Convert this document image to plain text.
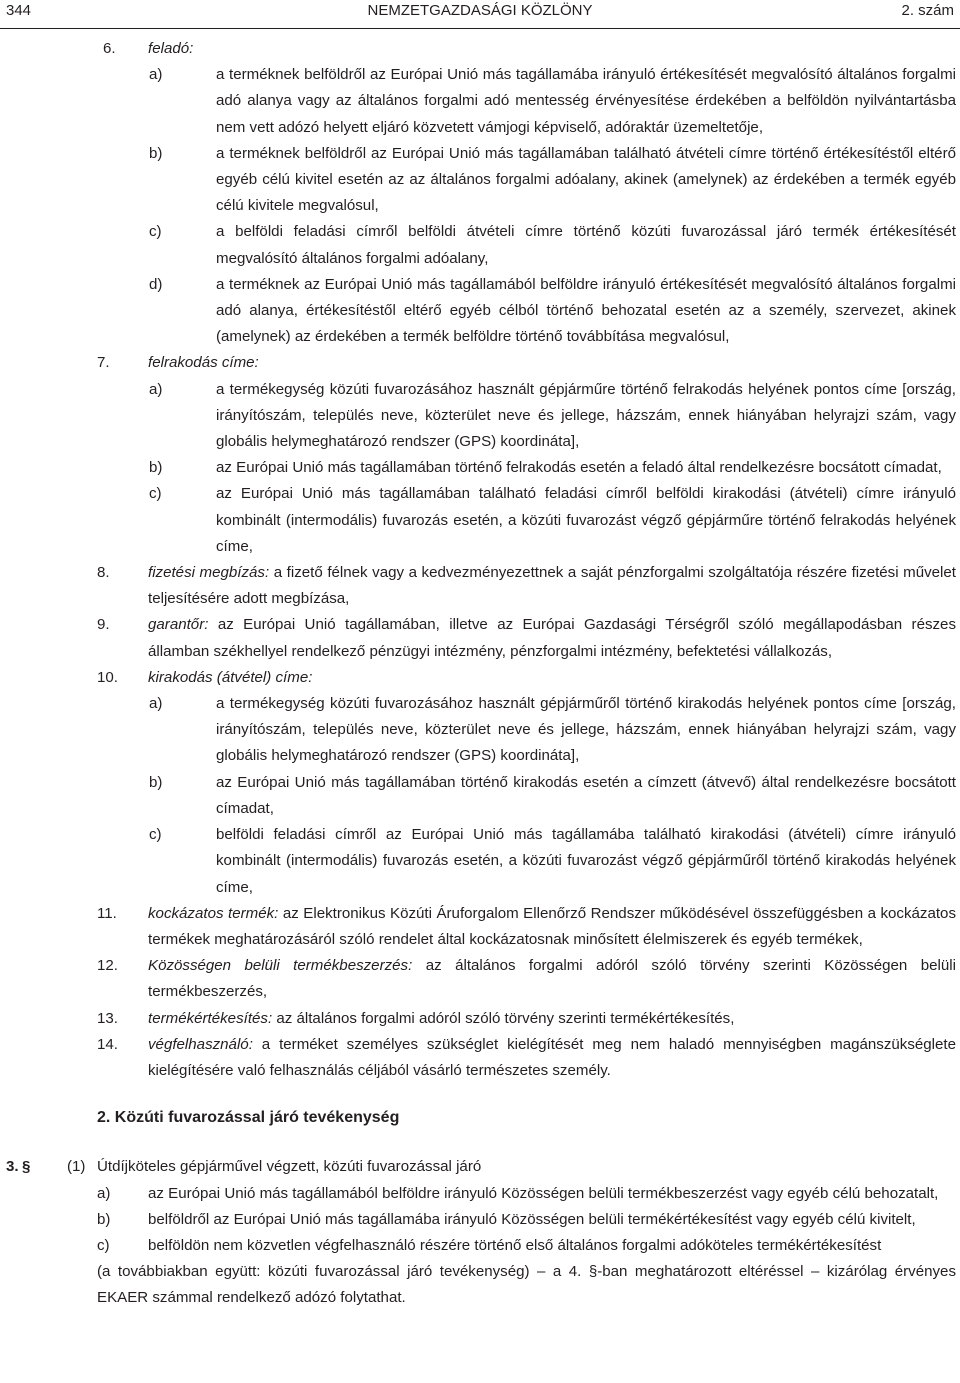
344	NEMZETGAZDASÁGI KÖZLÖNY	2. szám
6. feladó:
a)	a terméknek belföldről az Európai Unió más tagállamába irányuló értékesítését megvalósító általános forgalmi adó alanya vagy az általános forgalmi adó mentesség érvényesítése érdekében a belföldön nyilvántartásba nem vett adózó helyett eljáró közvetett vámjogi képviselő, adóraktár üzemeltetője,
b)	a terméknek belföldről az Európai Unió más tagállamában található átvételi címre történő értékesítéstől eltérő egyéb célú kivitel esetén az az általános forgalmi adóalany, akinek (amelynek) az érdekében a termék egyéb célú kivitele megvalósul,
c)	a belföldi feladási címről belföldi átvételi címre történő közúti fuvarozással járó termék értékesítését megvalósító általános forgalmi adóalany,
d)	a terméknek az Európai Unió más tagállamából belföldre irányuló értékesítését megvalósító általános forgalmi adó alanya, értékesítéstől eltérő egyéb célból történő behozatal esetén az a személy, szervezet, akinek (amelynek) az érdekében a termék belföldre történő továbbítása megvalósul,
7.	felrakodás címe:
a)	a termékegység közúti fuvarozásához használt gépjárműre történő felrakodás helyének pontos címe [ország, irányítószám, település neve, közterület neve és jellege, házszám, ennek hiányában helyrajzi szám, vagy globális helymeghatározó rendszer (GPS) koordináta],
b)	az Európai Unió más tagállamában történő felrakodás esetén a feladó által rendelkezésre bocsátott címadat,
c)	az Európai Unió más tagállamában található feladási címről belföldi kirakodási (átvételi) címre irányuló kombinált (intermodális) fuvarozás esetén, a közúti fuvarozást végző gépjárműre történő felrakodás helyének címe,
8.	fizetési megbízás: a fizető félnek vagy a kedvezményezettnek a saját pénzforgalmi szolgáltatója részére fizetési művelet teljesítésére adott megbízása,
9.	garantőr: az Európai Unió tagállamában, illetve az Európai Gazdasági Térségről szóló megállapodásban részes államban székhellyel rendelkező pénzügyi intézmény, pénzforgalmi intézmény, befektetési vállalkozás,
10. kirakodás (átvétel) címe:
a)	a termékegység közúti fuvarozásához használt gépjárműről történő kirakodás helyének pontos címe [ország, irányítószám, település neve, közterület neve és jellege, házszám, ennek hiányában helyrajzi szám, vagy globális helymeghatározó rendszer (GPS) koordináta],
b)	az Európai Unió más tagállamában történő kirakodás esetén a címzett (átvevő) által rendelkezésre bocsátott címadat,
c)	belföldi feladási címről az Európai Unió más tagállamába található kirakodási (átvételi) címre irányuló kombinált (intermodális) fuvarozás esetén, a közúti fuvarozást végző gépjárműről történő kirakodás helyének címe,
11. kockázatos termék: az Elektronikus Közúti Áruforgalom Ellenőrző Rendszer működésével összefüggésben a kockázatos termékek meghatározásáról szóló rendelet által kockázatosnak minősített élelmiszerek és egyéb termékek,
12. Közösségen belüli termékbeszerzés: az általános forgalmi adóról szóló törvény szerinti Közösségen belüli termékbeszerzés,
13. termékértékesítés: az általános forgalmi adóról szóló törvény szerinti termékértékesítés,
14. végfelhasználó: a terméket személyes szükséglet kielégítését meg nem haladó mennyiségben magánszükséglete kielégítésére való felhasználás céljából vásárló természetes személy.
2. Közúti fuvarozással járó tevékenység
3. § (1) Útdíjköteles gépjárművel végzett, közúti fuvarozással járó
a) az Európai Unió más tagállamából belföldre irányuló Közösségen belüli termékbeszerzést vagy egyéb célú behozatalt,
b) belföldről az Európai Unió más tagállamába irányuló Közösségen belüli termékértékesítést vagy egyéb célú kivitelt,
c)	belföldön nem közvetlen végfelhasználó részére történő első általános forgalmi adóköteles termékértékesítést
(a továbbiakban együtt: közúti fuvarozással járó tevékenység) – a 4. §-ban meghatározott eltéréssel – kizárólag érvényes EKAER számmal rendelkező adózó folytathat.
